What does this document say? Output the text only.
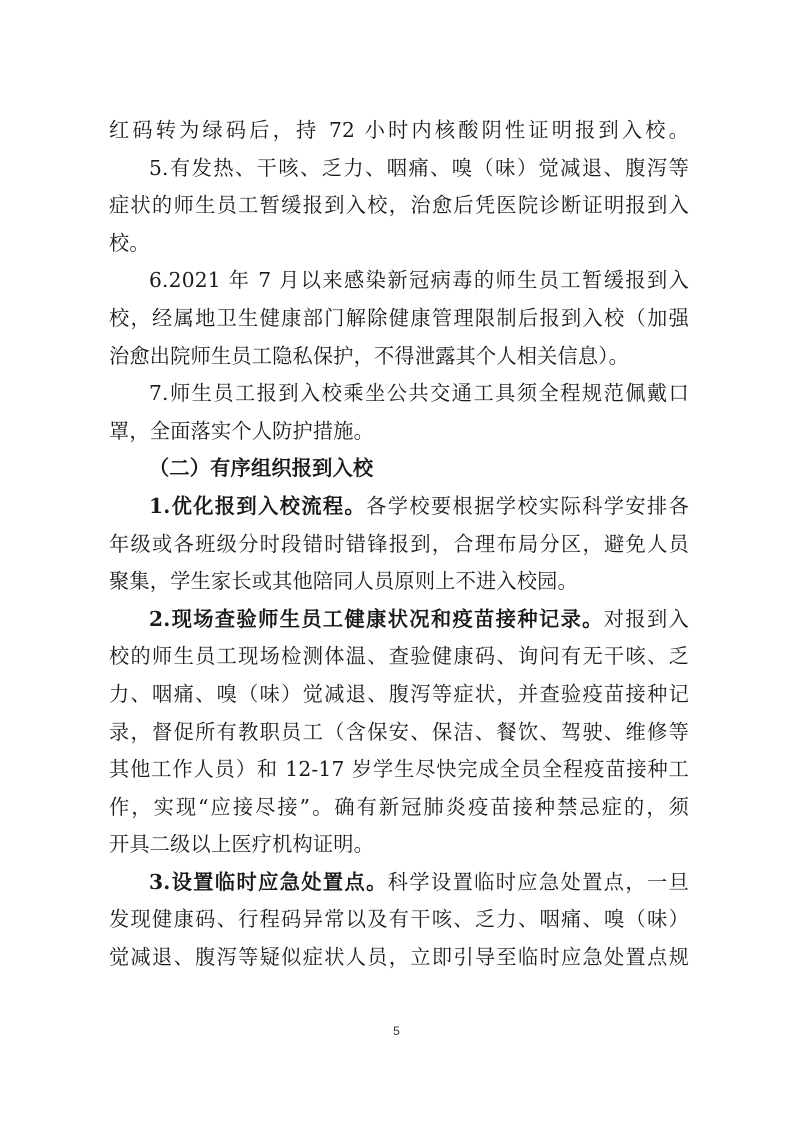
红码转为绿码后，持 72 小时内核酸阴性证明报到入校。
5.有发热、干咳、乏力、咽痛、嗅（味）觉减退、腹泻等
症状的师生员工暂缓报到入校，治愈后凭医院诊断证明报到入
校。
6.2021 年 7 月以来感染新冠病毒的师生员工暂缓报到入
校，经属地卫生健康部门解除健康管理限制后报到入校（加强
治愈出院师生员工隐私保护，不得泄露其个人相关信息）。
7.师生员工报到入校乘坐公共交通工具须全程规范佩戴口
罩，全面落实个人防护措施。
（二）有序组织报到入校
1.优化报到入校流程。各学校要根据学校实际科学安排各
年级或各班级分时段错时错锋报到，合理布局分区，避免人员
聚集，学生家长或其他陪同人员原则上不进入校园。
2.现场查验师生员工健康状况和疫苗接种记录。对报到入
校的师生员工现场检测体温、查验健康码、询问有无干咳、乏
力、咽痛、嗅（味）觉减退、腹泻等症状，并查验疫苗接种记
录，督促所有教职员工（含保安、保洁、餐饮、驾驶、维修等
其他工作人员）和 12-17 岁学生尽快完成全员全程疫苗接种工
作，实现“应接尽接”。确有新冠肺炎疫苗接种禁忌症的，须
开具二级以上医疗机构证明。
3.设置临时应急处置点。科学设置临时应急处置点，一旦
发现健康码、行程码异常以及有干咳、乏力、咽痛、嗅（味）
觉减退、腹泻等疑似症状人员，立即引导至临时应急处置点规
5
